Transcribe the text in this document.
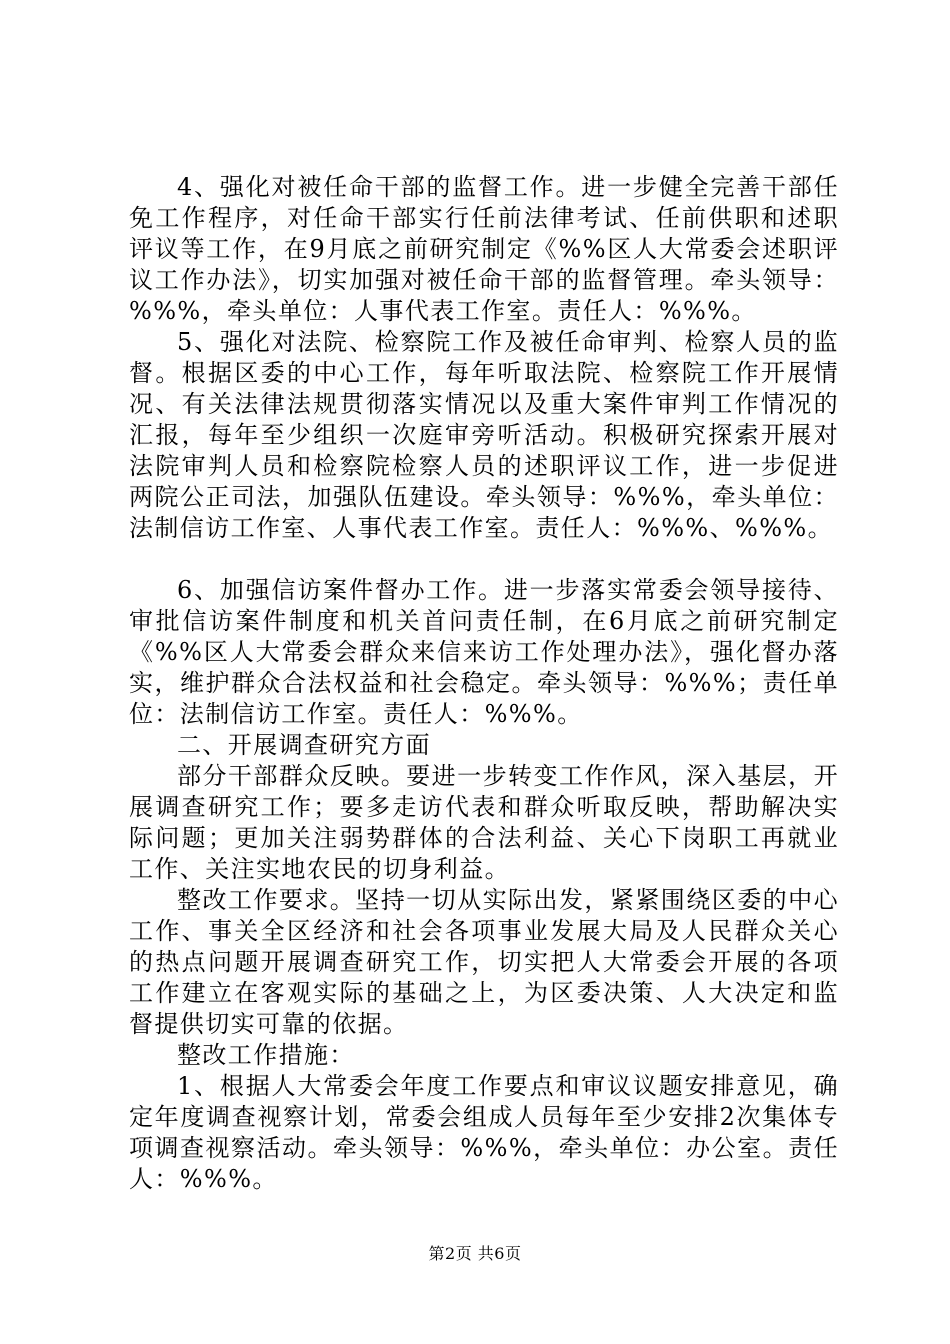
4、强化对被任命干部的监督工作。进一步健全完善干部任免工作程序，对任命干部实行任前法律考试、任前供职和述职评议等工作，在9月底之前研究制定《%%区人大常委会述职评议工作办法》，切实加强对被任命干部的监督管理。牵头领导：%%%，牵头单位：人事代表工作室。责任人：%%%。

5、强化对法院、检察院工作及被任命审判、检察人员的监督。根据区委的中心工作，每年听取法院、检察院工作开展情况、有关法律法规贯彻落实情况以及重大案件审判工作情况的汇报，每年至少组织一次庭审旁听活动。积极研究探索开展对法院审判人员和检察院检察人员的述职评议工作，进一步促进两院公正司法，加强队伍建设。牵头领导：%%%，牵头单位：法制信访工作室、人事代表工作室。责任人：%%%、%%%。

6、加强信访案件督办工作。进一步落实常委会领导接待、审批信访案件制度和机关首问责任制，在6月底之前研究制定《%%区人大常委会群众来信来访工作处理办法》，强化督办落实，维护群众合法权益和社会稳定。牵头领导：%%%；责任单位：法制信访工作室。责任人：%%%。

二、开展调查研究方面

部分干部群众反映。要进一步转变工作作风，深入基层，开展调查研究工作；要多走访代表和群众听取反映，帮助解决实际问题；更加关注弱势群体的合法利益、关心下岗职工再就业工作、关注实地农民的切身利益。

整改工作要求。坚持一切从实际出发，紧紧围绕区委的中心工作、事关全区经济和社会各项事业发展大局及人民群众关心的热点问题开展调查研究工作，切实把人大常委会开展的各项工作建立在客观实际的基础之上，为区委决策、人大决定和监督提供切实可靠的依据。

整改工作措施：

1、根据人大常委会年度工作要点和审议议题安排意见，确定年度调查视察计划，常委会组成人员每年至少安排2次集体专项调查视察活动。牵头领导：%%%，牵头单位：办公室。责任人：%%%。

第2页 共6页
